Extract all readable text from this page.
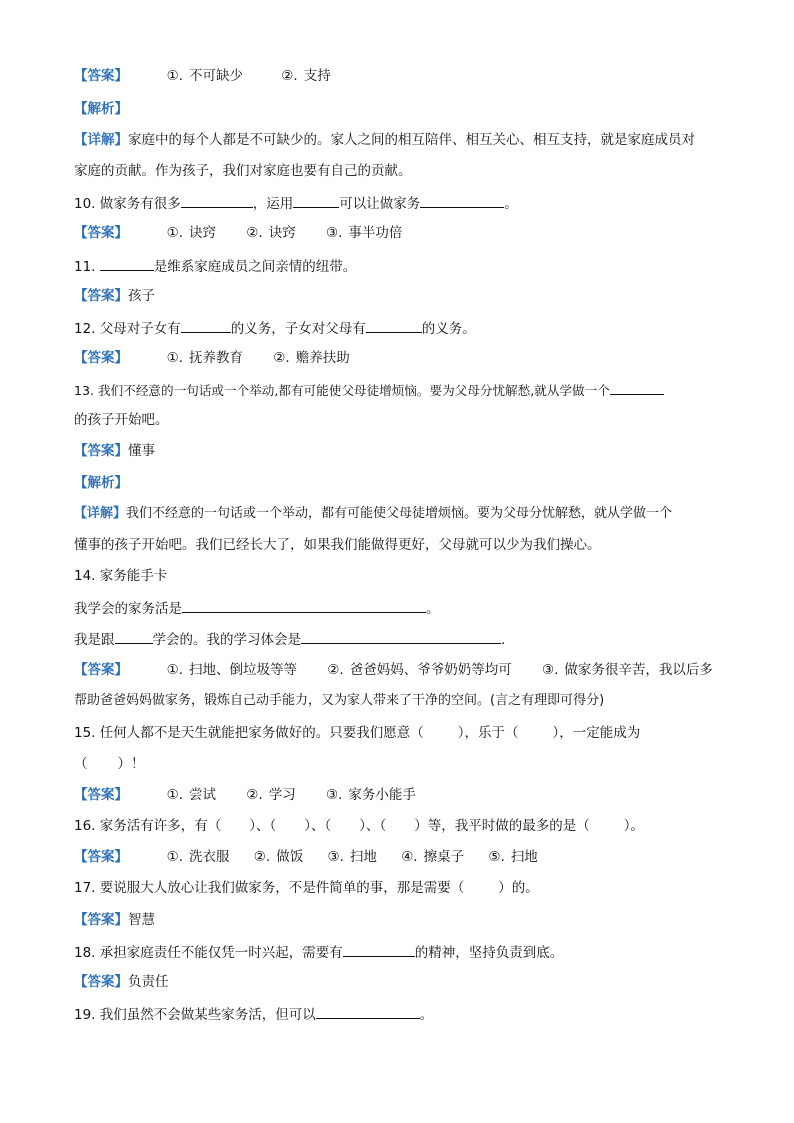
【答案】	①. 不可缺少	②. 支持
【解析】
【详解】家庭中的每个人都是不可缺少的。家人之间的相互陪伴、相互关心、相互支持，就是家庭成员对
家庭的贡献。作为孩子，我们对家庭也要有自己的贡献。
10. 做家务有很多	，运用	可以让做家务	。
【答案】	①. 诀窍 ②. 诀窍 ③. 事半功倍
11.	是维系家庭成员之间亲情的纽带。
【答案】孩子
12. 父母对子女有	的义务，子女对父母有	的义务。
【答案】	①. 抚养教育 ②. 赡养扶助
13. 我们不经意的一句话或一个举动,都有可能使父母徒增烦恼。要为父母分忧解愁,就从学做一个
的孩子开始吧。
【答案】懂事
【解析】
【详解】我们不经意的一句话或一个举动，都有可能使父母徒增烦恼。要为父母分忧解愁，就从学做一个
懂事的孩子开始吧。我们已经长大了，如果我们能做得更好，父母就可以少为我们操心。
14. 家务能手卡
我学会的家务活是	。
我是跟	学会的。我的学习体会是	.
【答案】	①. 扫地、倒垃圾等等 ②. 爸爸妈妈、爷爷奶奶等均可 ③. 做家务很辛苦，我以后多
帮助爸爸妈妈做家务，锻炼自己动手能力，又为家人带来了干净的空间。(言之有理即可得分)
15. 任何人都不是天生就能把家务做好的。只要我们愿意（	），乐于（	），一定能成为
（ ）！
【答案】	①. 尝试 ②. 学习 ③. 家务小能手
16. 家务活有许多，有（ ）、（ ）、（ ）、（ ）等，我平时做的最多的是（	）。
【答案】	①. 洗衣服 ②. 做饭 ③. 扫地 ④. 擦桌子 ⑤. 扫地
17. 要说服大人放心让我们做家务，不是件简单的事，那是需要（	）的。
【答案】智慧
18. 承担家庭责任不能仅凭一时兴起，需要有	的精神，坚持负责到底。
【答案】负责任
19. 我们虽然不会做某些家务活，但可以	。
